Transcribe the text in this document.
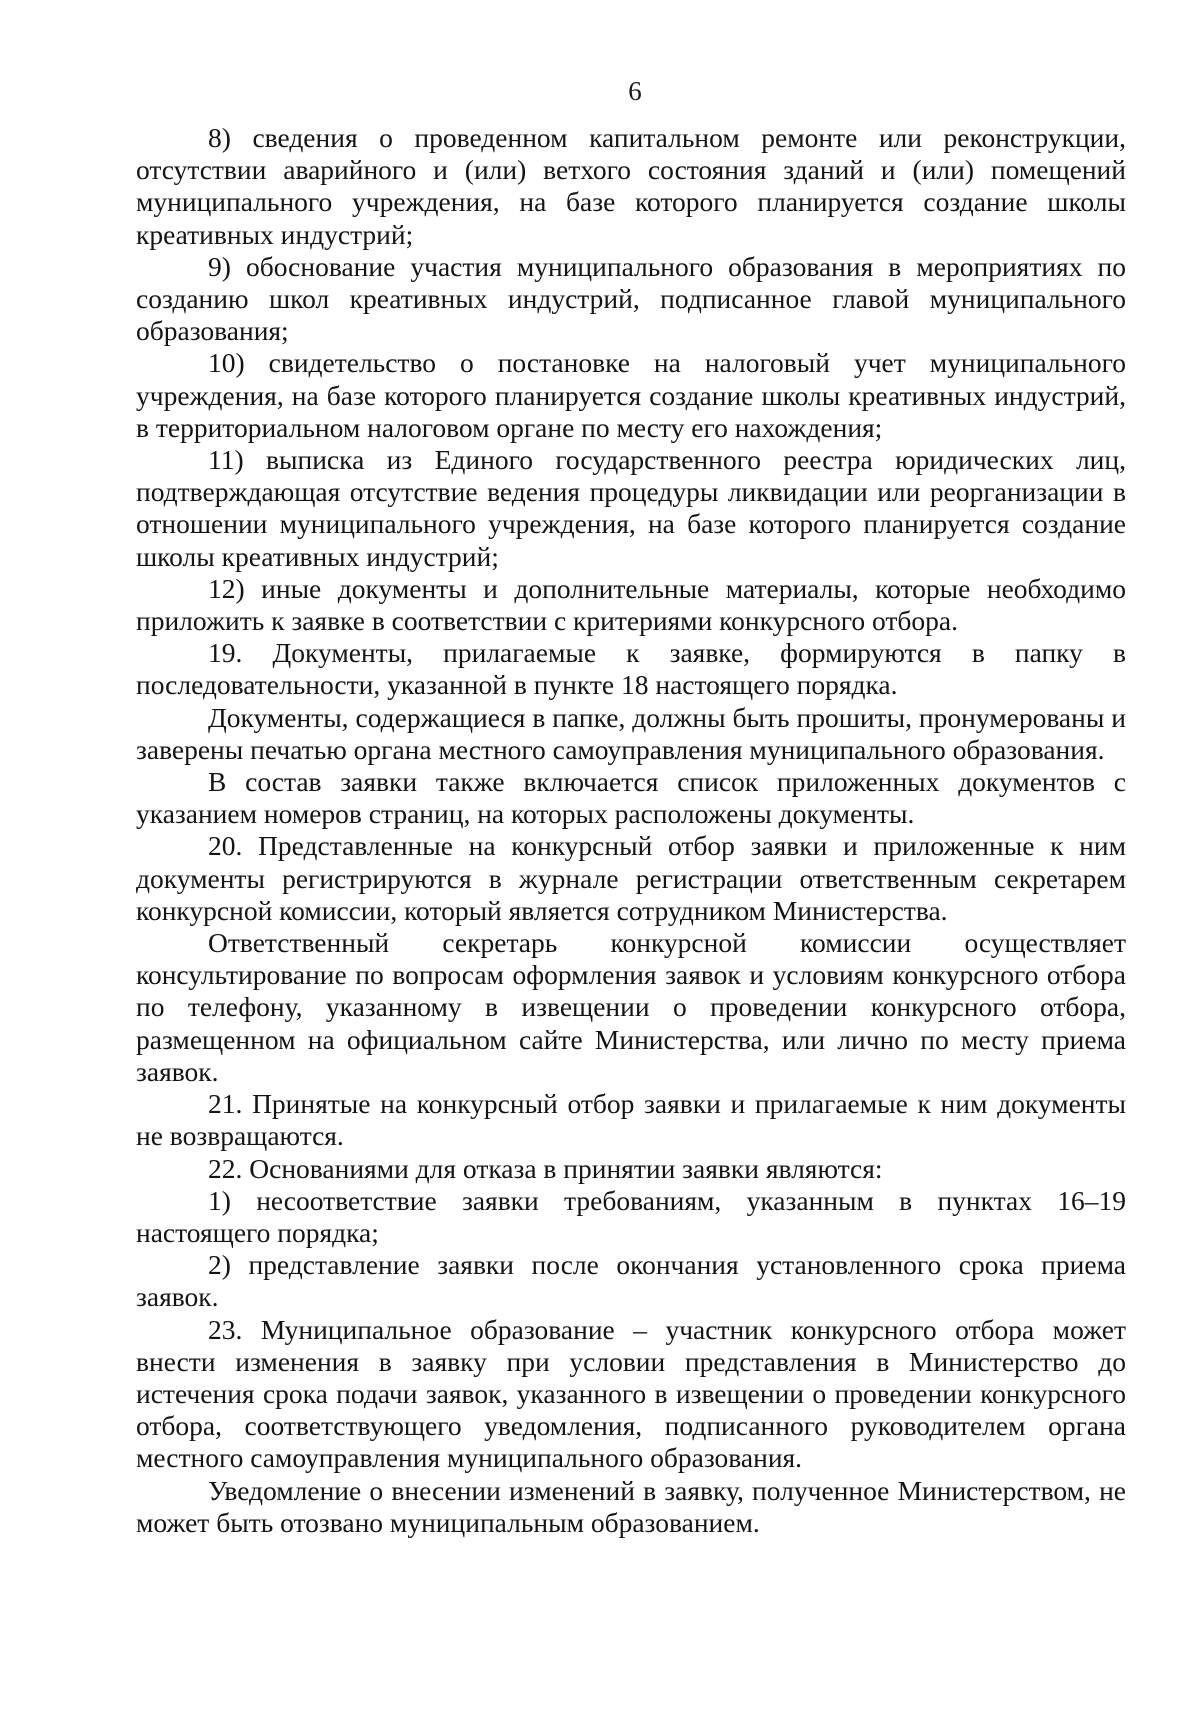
6

8) сведения о проведенном капитальном ремонте или реконструкции, отсутствии аварийного и (или) ветхого состояния зданий и (или) помещений муниципального учреждения, на базе которого планируется создание школы креативных индустрий;

9) обоснование участия муниципального образования в мероприятиях по созданию школ креативных индустрий, подписанное главой муниципального образования;

10) свидетельство о постановке на налоговый учет муниципального учреждения, на базе которого планируется создание школы креативных индустрий, в территориальном налоговом органе по месту его нахождения;

11) выписка из Единого государственного реестра юридических лиц, подтверждающая отсутствие ведения процедуры ликвидации или реорганизации в отношении муниципального учреждения, на базе которого планируется создание школы креативных индустрий;

12) иные документы и дополнительные материалы, которые необходимо приложить к заявке в соответствии с критериями конкурсного отбора.

19. Документы, прилагаемые к заявке, формируются в папку в последовательности, указанной в пункте 18 настоящего порядка.

Документы, содержащиеся в папке, должны быть прошиты, пронумерованы и заверены печатью органа местного самоуправления муниципального образования.

В состав заявки также включается список приложенных документов с указанием номеров страниц, на которых расположены документы.

20. Представленные на конкурсный отбор заявки и приложенные к ним документы регистрируются в журнале регистрации ответственным секретарем конкурсной комиссии, который является сотрудником Министерства.

Ответственный секретарь конкурсной комиссии осуществляет консультирование по вопросам оформления заявок и условиям конкурсного отбора по телефону, указанному в извещении о проведении конкурсного отбора, размещенном на официальном сайте Министерства, или лично по месту приема заявок.

21. Принятые на конкурсный отбор заявки и прилагаемые к ним документы не возвращаются.

22. Основаниями для отказа в принятии заявки являются:

1) несоответствие заявки требованиям, указанным в пунктах 16–19 настоящего порядка;

2) представление заявки после окончания установленного срока приема заявок.

23. Муниципальное образование – участник конкурсного отбора может внести изменения в заявку при условии представления в Министерство до истечения срока подачи заявок, указанного в извещении о проведении конкурсного отбора, соответствующего уведомления, подписанного руководителем органа местного самоуправления муниципального образования.

Уведомление о внесении изменений в заявку, полученное Министерством, не может быть отозвано муниципальным образованием.
